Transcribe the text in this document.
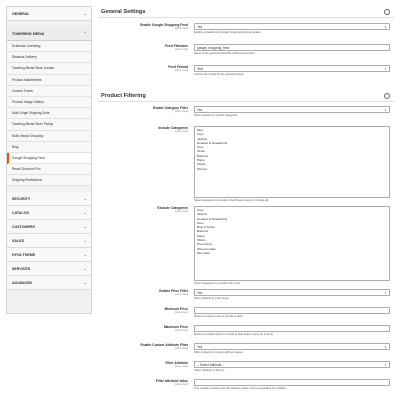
GENERAL	⌄
TOWERING MEDIA	⌃
Extension Licensing
Distance Delivery
Towering Media Store Locator
Product Attachments
Custom Forms
Product Image Gallery
Multi Origin Shipping Suite
Towering Media Store Pickup
Multi Vendor Dropship
Blog
Google Shopping Feed
React Checkout Pro
Shipping Restrictions
SECURITY	⌄
CATALOG	⌄
CUSTOMERS	⌄
SALES	⌄
HYVA THEME	⌄
SERVICES	⌄
ADVANCED	⌄
General Settings	⌃
Enable Google Shopping Feed
[store view]	Yes	▾
Enable or disable the Google Shopping Feed generation
Feed Filename
[store view]	google_shopping_feed
Name of the generated feed file (without extension)
Feed Format
[store view]	XML	▾
Choose the format for the generated feed
Product Filtering	⌃
Enable Category Filter
[store view]	Yes	▾
Filter products by specific categories
Include Categories
[store view]	Men
Tops
Jackets
Hoodies & Sweatshirts
Tees
Tanks
Bottoms
Pants
Shorts
Women
Select categories to include in feed (leave empty to include all)
Exclude Categories
[store view]	Tops
Jackets
Hoodies & Sweatshirts
Tees
Bras & Tanks
Bottoms
Pants
Shorts
Promotions
Womens Sale
Men Sale
Select categories to exclude from feed
Enable Price Filter
[store view]	Yes	▾
Filter products by price range
Minimum Price
[store view]
Minimum product price to include in feed
Maximum Price
[store view]
Maximum product price to include in feed (leave empty for no limit)
Enable Custom Attribute Filter
[store view]	Yes	▾
Filter products by custom attribute values
Filter Attribute
[store view]	-- Select Attribute --	▾
Select attribute to filter by
Filter Attribute Value
[store view]
Only include products with this attribute value (comma-separated for multiple)
